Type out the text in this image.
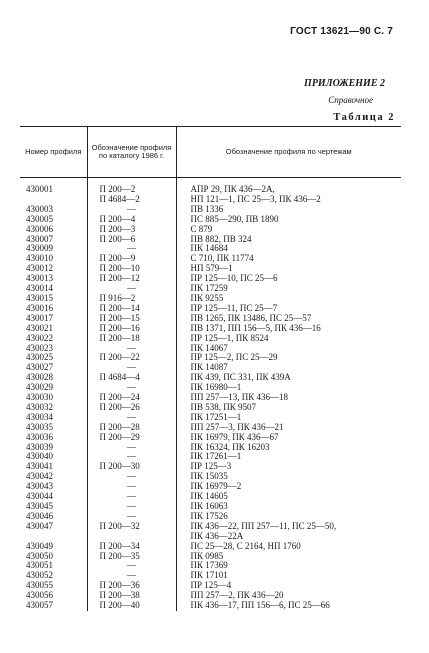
ГОСТ 13621—90 С. 7
ПРИЛОЖЕНИЕ 2
Справочное
Таблица 2
Номер профиля	Обозначение профиля по каталогу 1986 г.	Обозначение профиля по чертежам
430001	П 200—2	АПР 29, ПК 436—2А,
	П 4684—2	НП 121—1, ПС 25—3, ПК 436—2
430003	—	ПВ 1336
430005	П 200—4	ПС 885—290, ПВ 1890
430006	П 200—3	С 879
430007	П 200—6	ПВ 882, ПВ 324
430009	—	ПК 14684
430010	П 200—9	С 710, ПК 11774
430012	П 200—10	НП 579—1
430013	П 200—12	ПР 125—10, ПС 25—6
430014	—	ПК 17259
430015	П 916—2	ПК 9255
430016	П 200—14	ПР 125—11, ПС 25—7
430017	П 200—15	ПВ 1265, ПК 13486, ПС 25—57
430021	П 200—16	ПВ 1371, ПП 156—5, ПК 436—16
430022	П 200—18	ПР 125—1, ПК 8524
430023	—	ПК 14067
430025	П 200—22	ПР 125—2, ПС 25—29
430027	—	ПК 14087
430028	П 4684—4	ПК 439, ПС 331, ПК 439А
430029	—	ПК 16980—1
430030	П 200—24	ПП 257—13, ПК 436—18
430032	П 200—26	ПВ 538, ПК 9507
430034	—	ПК 17251—1
430035	П 200—28	ПП 257—3, ПК 436—21
430036	П 200—29	ПК 16979, ПК 436—67
430039	—	ПК 16324, ПК 16203
430040	—	ПК 17261—1
430041	П 200—30	ПР 125—3
430042	—	ПК 15035
430043	—	ПК 16979—2
430044	—	ПК 14605
430045	—	ПК 16063
430046	—	ПК 17526
430047	П 200—32	ПК 436—22, ПП 257—11, ПС 25—50,
		ПК 436—22А
430049	П 200—34	ПС 25—28, С 2164, НП 1760
430050	П 200—35	ПК 0985
430051	—	ПК 17369
430052	—	ПК 17101
430055	П 200—36	ПР 125—4
430056	П 200—38	ПП 257—2, ПК 436—20
430057	П 200—40	ПК 436—17, ПП 156—6, ПС 25—66
